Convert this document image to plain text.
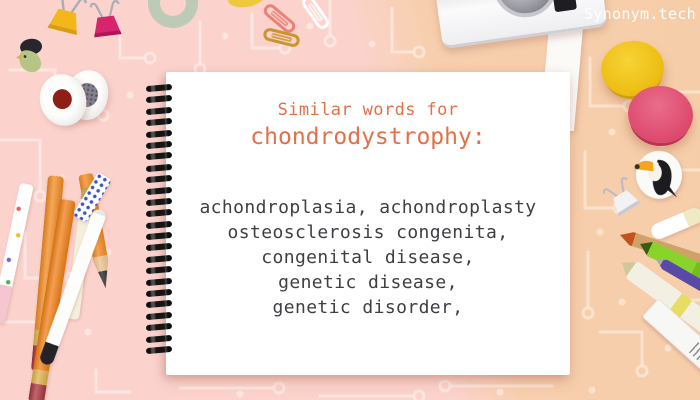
Similar words for
chondrodystrophy:
achondroplasia, achondroplasty
osteosclerosis congenita,
congenital disease,
genetic disease,
genetic disorder,
Synonym.tech
